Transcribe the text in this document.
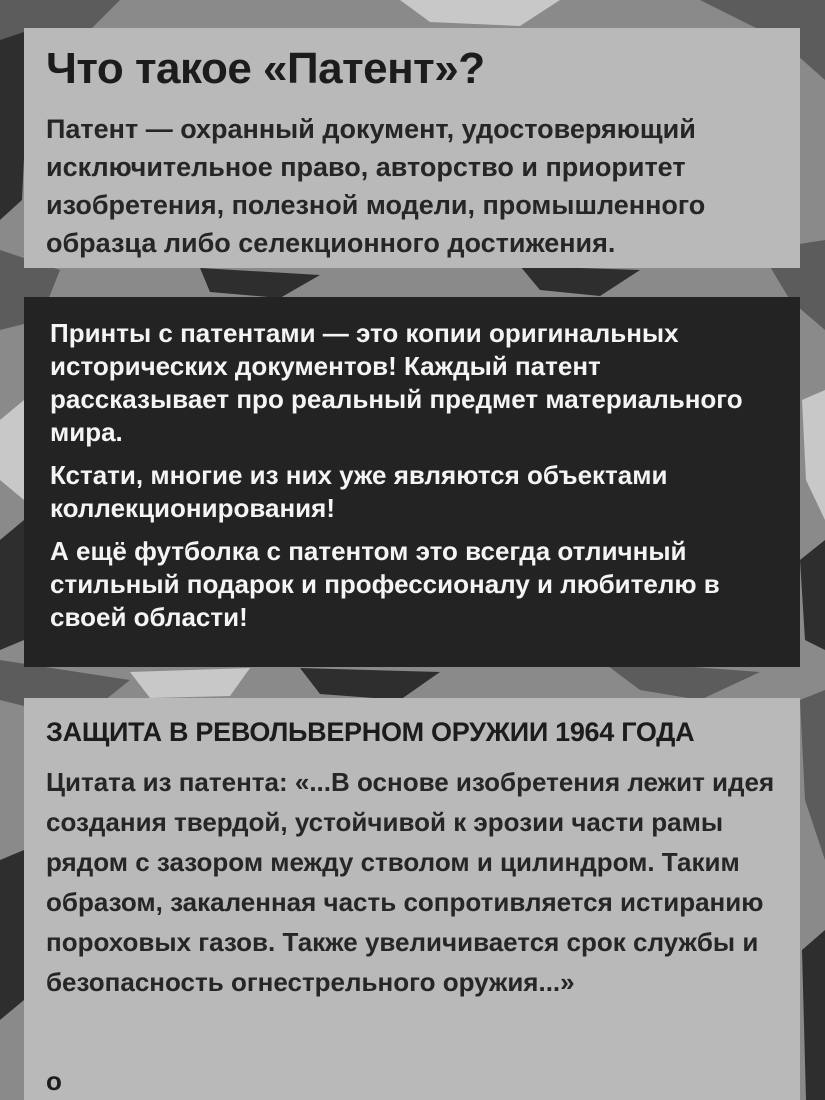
Что такое «Патент»?

Патент — охранный документ, удостоверяющий исключительное право, авторство и приоритет изобретения, полезной модели, промышленного образца либо селекционного достижения.

Принты с патентами — это копии оригинальных исторических документов! Каждый патент рассказывает про реальный предмет материального мира.

Кстати, многие из них уже являются объектами коллекционирования!

А ещё футболка с патентом это всегда отличный стильный подарок и профессионалу и любителю в своей области!

ЗАЩИТА В РЕВОЛЬВЕРНОМ ОРУЖИИ 1964 ГОДА

Цитата из патента: «...В основе изобретения лежит идея создания твердой, устойчивой к эрозии части рамы рядом с зазором между стволом и цилиндром. Таким образом, закаленная часть сопротивляется истиранию пороховых газов. Также увеличивается срок службы и безопасность огнестрельного оружия...»

о
